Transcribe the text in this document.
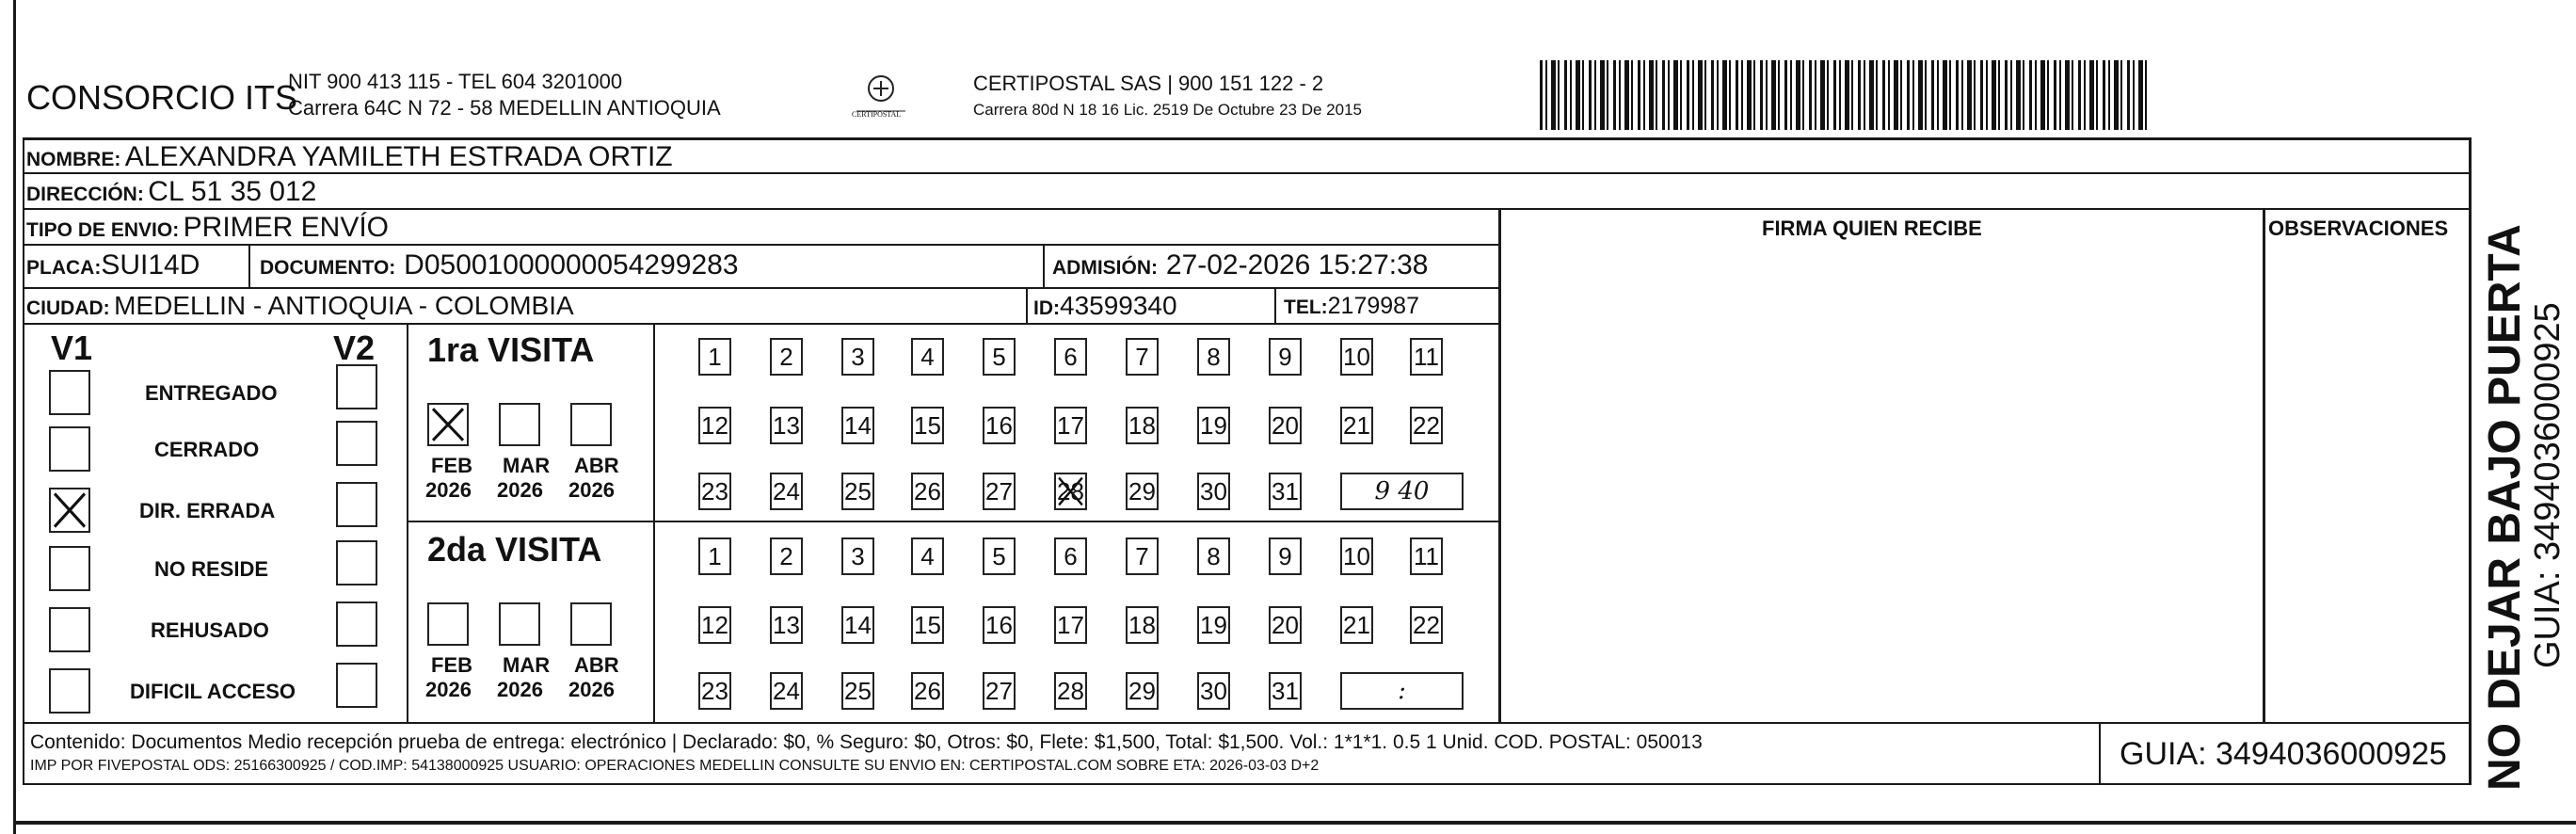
CONSORCIO ITS
NIT 900 413 115 - TEL 604 3201000
Carrera 64C N 72 - 58 MEDELLIN ANTIOQUIA	CERTIPOSTAL
CERTIPOSTAL SAS | 900 151 122 - 2
Carrera 80d N 18 16 Lic. 2519 De Octubre 23 De 2015
NOMBRE: ALEXANDRA YAMILETH ESTRADA ORTIZ
DIRECCIÓN: CL 51 35 012
TIPO DE ENVIO: PRIMER ENVÍO	FIRMA QUIEN RECIBE	OBSERVACIONES
PLACA:SUI14D	DOCUMENTO: D05001000000054299283	ADMISIÓN: 27-02-2026 15:27:38
CIUDAD: MEDELLIN - ANTIOQUIA - COLOMBIA	ID:43599340	TEL:2179987
V1	V2
ENTREGADO
CERRADO
DIR. ERRADA
NO RESIDE
REHUSADO
DIFICIL ACCESO
1ra VISITA
FEB
2026
MAR
2026
ABR
2026
1	2	3	4	5	6	7	8	9	10 11
12 13 14 15 16 17 18 19 20 21 22
23 24 25 26 27 28 29 30 31	9 40
2da VISITA
FEB
2026
MAR
2026
ABR
2026
1	2	3	4	5	6	7	8	9	10 11
12 13 14 15 16 17 18 19 20 21 22
23 24 25 26 27 28 29 30 31	:
Contenido: Documentos Medio recepción prueba de entrega: electrónico | Declarado: $0, % Seguro: $0, Otros: $0, Flete: $1,500, Total: $1,500. Vol.: 1*1*1. 0.5 1 Unid. COD. POSTAL: 050013
IMP POR FIVEPOSTAL ODS: 25166300925 / COD.IMP: 54138000925 USUARIO: OPERACIONES MEDELLIN CONSULTE SU ENVIO EN: CERTIPOSTAL.COM SOBRE ETA: 2026-03-03 D+2	GUIA: 3494036000925 NO DEJAR BAJO PUERTA
GUIA: 3494036000925
